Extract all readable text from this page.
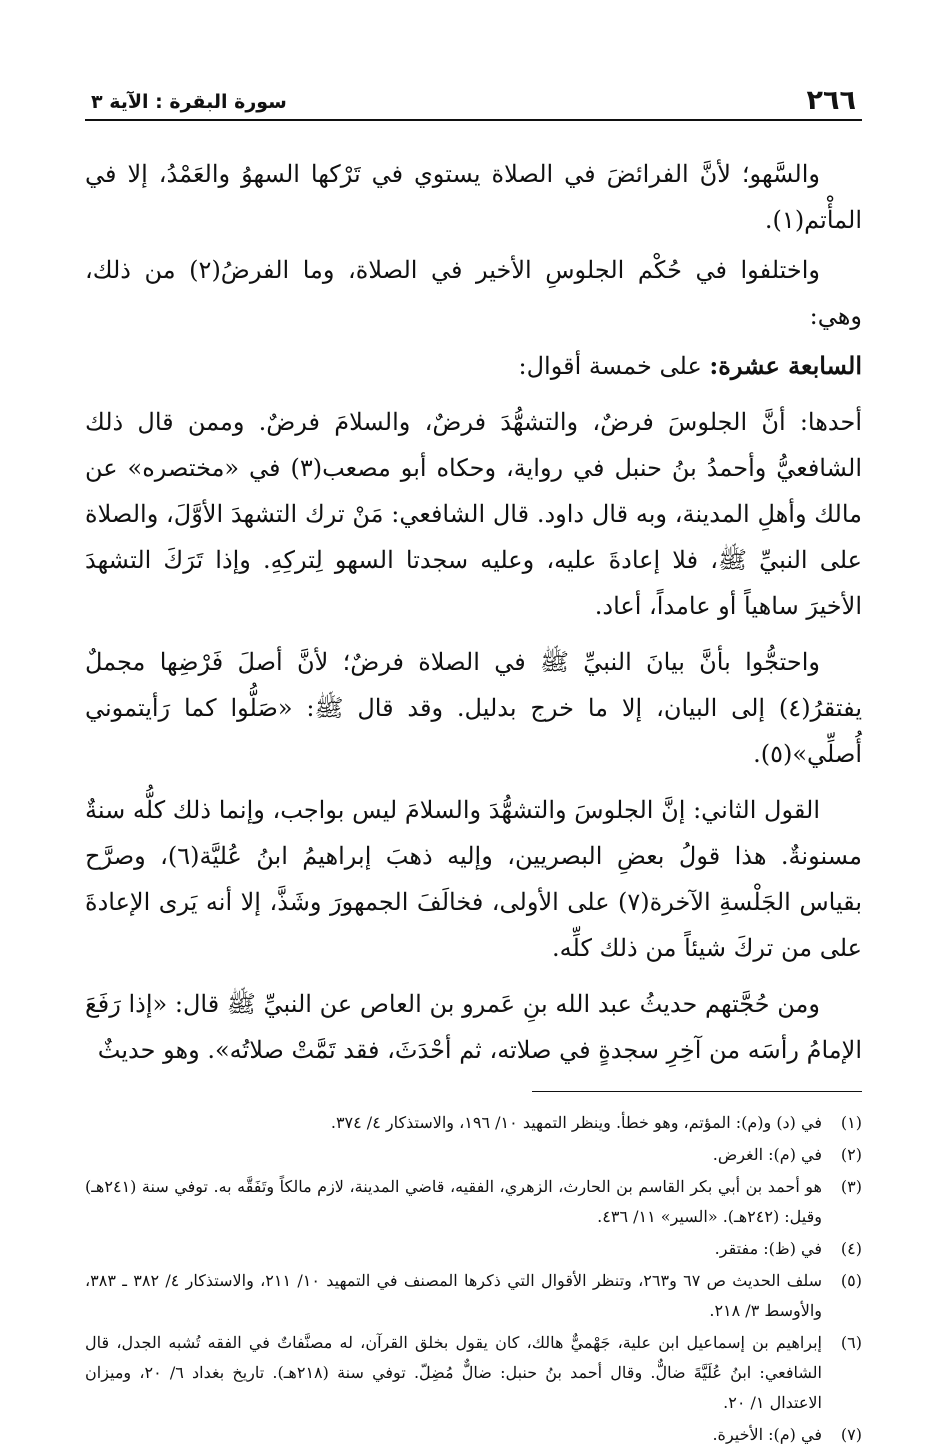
٢٦٦
سورة البقرة : الآية ٣

والسَّهو؛ لأنَّ الفرائضَ في الصلاة يستوي في تَرْكها السهوُ والعَمْدُ، إلا في المأْتم(١).

واختلفوا في حُكْم الجلوسِ الأخير في الصلاة، وما الفرضُ(٢) من ذلك، وهي:

السابعة عشرة: على خمسة أقوال:

أحدها: أنَّ الجلوسَ فرضٌ، والتشهُّدَ فرضٌ، والسلامَ فرضٌ. وممن قال ذلك الشافعيُّ وأحمدُ بنُ حنبل في رواية، وحكاه أبو مصعب(٣) في «مختصره» عن مالك وأهلِ المدينة، وبه قال داود. قال الشافعي: مَنْ ترك التشهدَ الأوَّلَ، والصلاة على النبيِّ ﷺ، فلا إعادةَ عليه، وعليه سجدتا السهو لِتركِهِ. وإذا تَرَكَ التشهدَ الأخيرَ ساهياً أو عامداً، أعاد.

واحتجُّوا بأنَّ بيانَ النبيِّ ﷺ في الصلاة فرضٌ؛ لأنَّ أصلَ فَرْضِها مجملٌ يفتقرُ(٤) إلى البيان، إلا ما خرج بدليل. وقد قال ﷺ: «صَلُّوا كما رَأيتموني أُصلِّي»(٥).

القول الثاني: إنَّ الجلوسَ والتشهُّدَ والسلامَ ليس بواجب، وإنما ذلك كلُّه سنةٌ مسنونةٌ. هذا قولُ بعضِ البصريين، وإليه ذهبَ إبراهيمُ ابنُ عُليَّة(٦)، وصرَّح بقياس الجَلْسةِ الآخرة(٧) على الأولى، فخالَفَ الجمهورَ وشَذَّ، إلا أنه يَرى الإعادةَ على من تركَ شيئاً من ذلك كلِّه.

ومن حُجَّتهم حديثُ عبد الله بنِ عَمرو بن العاص عن النبيِّ ﷺ قال: «إذا رَفَعَ الإمامُ رأسَه من آخِرِ سجدةٍ في صلاته، ثم أحْدَثَ، فقد تَمَّتْ صلاتُه». وهو حديثٌ

(١)
في (د) و(م): المؤتم، وهو خطأ. وينظر التمهيد ١٠/ ١٩٦، والاستذكار ٤/ ٣٧٤.
(٢)
في (م): الغرض.
(٣)
هو أحمد بن أبي بكر القاسم بن الحارث، الزهري، الفقيه، قاضي المدينة، لازم مالكاً وتَفَقَّه به. توفي سنة (٢٤١هـ) وقيل: (٢٤٢هـ). «السير» ١١/ ٤٣٦.
(٤)
في (ظ): مفتقر.
(٥)
سلف الحديث ص ٦٧ و٢٦٣، وتنظر الأقوال التي ذكرها المصنف في التمهيد ١٠/ ٢١١، والاستذكار ٤/ ٣٨٢ ـ ٣٨٣، والأوسط ٣/ ٢١٨.
(٦)
إبراهيم بن إسماعيل ابن علية، جَهْميٌّ هالك، كان يقول بخلق القرآن، له مصنَّفاتٌ في الفقه تُشبه الجدل، قال الشافعي: ابنُ عُلَيَّةَ ضالٌّ. وقال أحمد بنُ حنبل: ضالٌّ مُضِلّ. توفي سنة (٢١٨هـ). تاريخ بغداد ٦/ ٢٠، وميزان الاعتدال ١/ ٢٠.
(٧)
في (م): الأخيرة.
